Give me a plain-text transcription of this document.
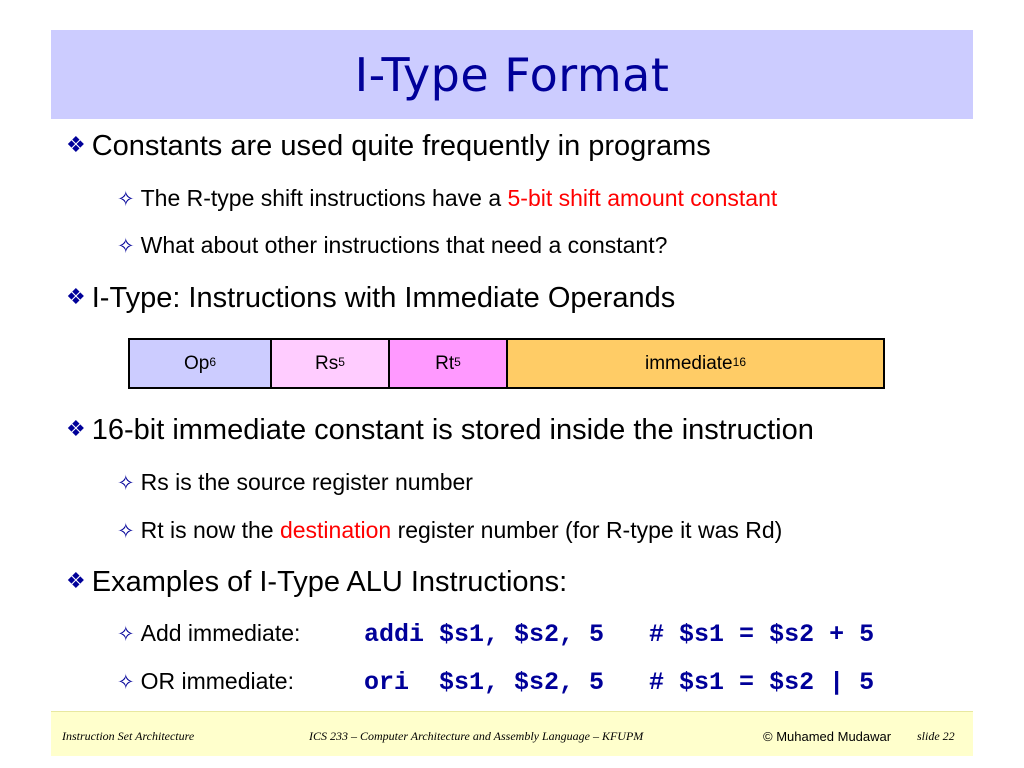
I-Type Format
❖ Constants are used quite frequently in programs
✧ The R-type shift instructions have a 5-bit shift amount constant
✧ What about other instructions that need a constant?
❖ I-Type: Instructions with Immediate Operands
Op$^6$	Rs$^5$	Rt$^5$	immediate$^{16}$
❖ 16-bit immediate constant is stored inside the instruction
✧ Rs is the source register number
✧ Rt is now the destination register number (for R-type it was Rd)
❖ Examples of I-Type ALU Instructions:
✧ Add immediate:	addi $s1, $s2, 5   # $s1 = $s2 + 5
✧ OR immediate:	ori  $s1, $s2, 5   # $s1 = $s2 | 5
Instruction Set Architecture	ICS 233 – Computer Architecture and Assembly Language – KFUPM	© Muhamed Mudawar slide 22
